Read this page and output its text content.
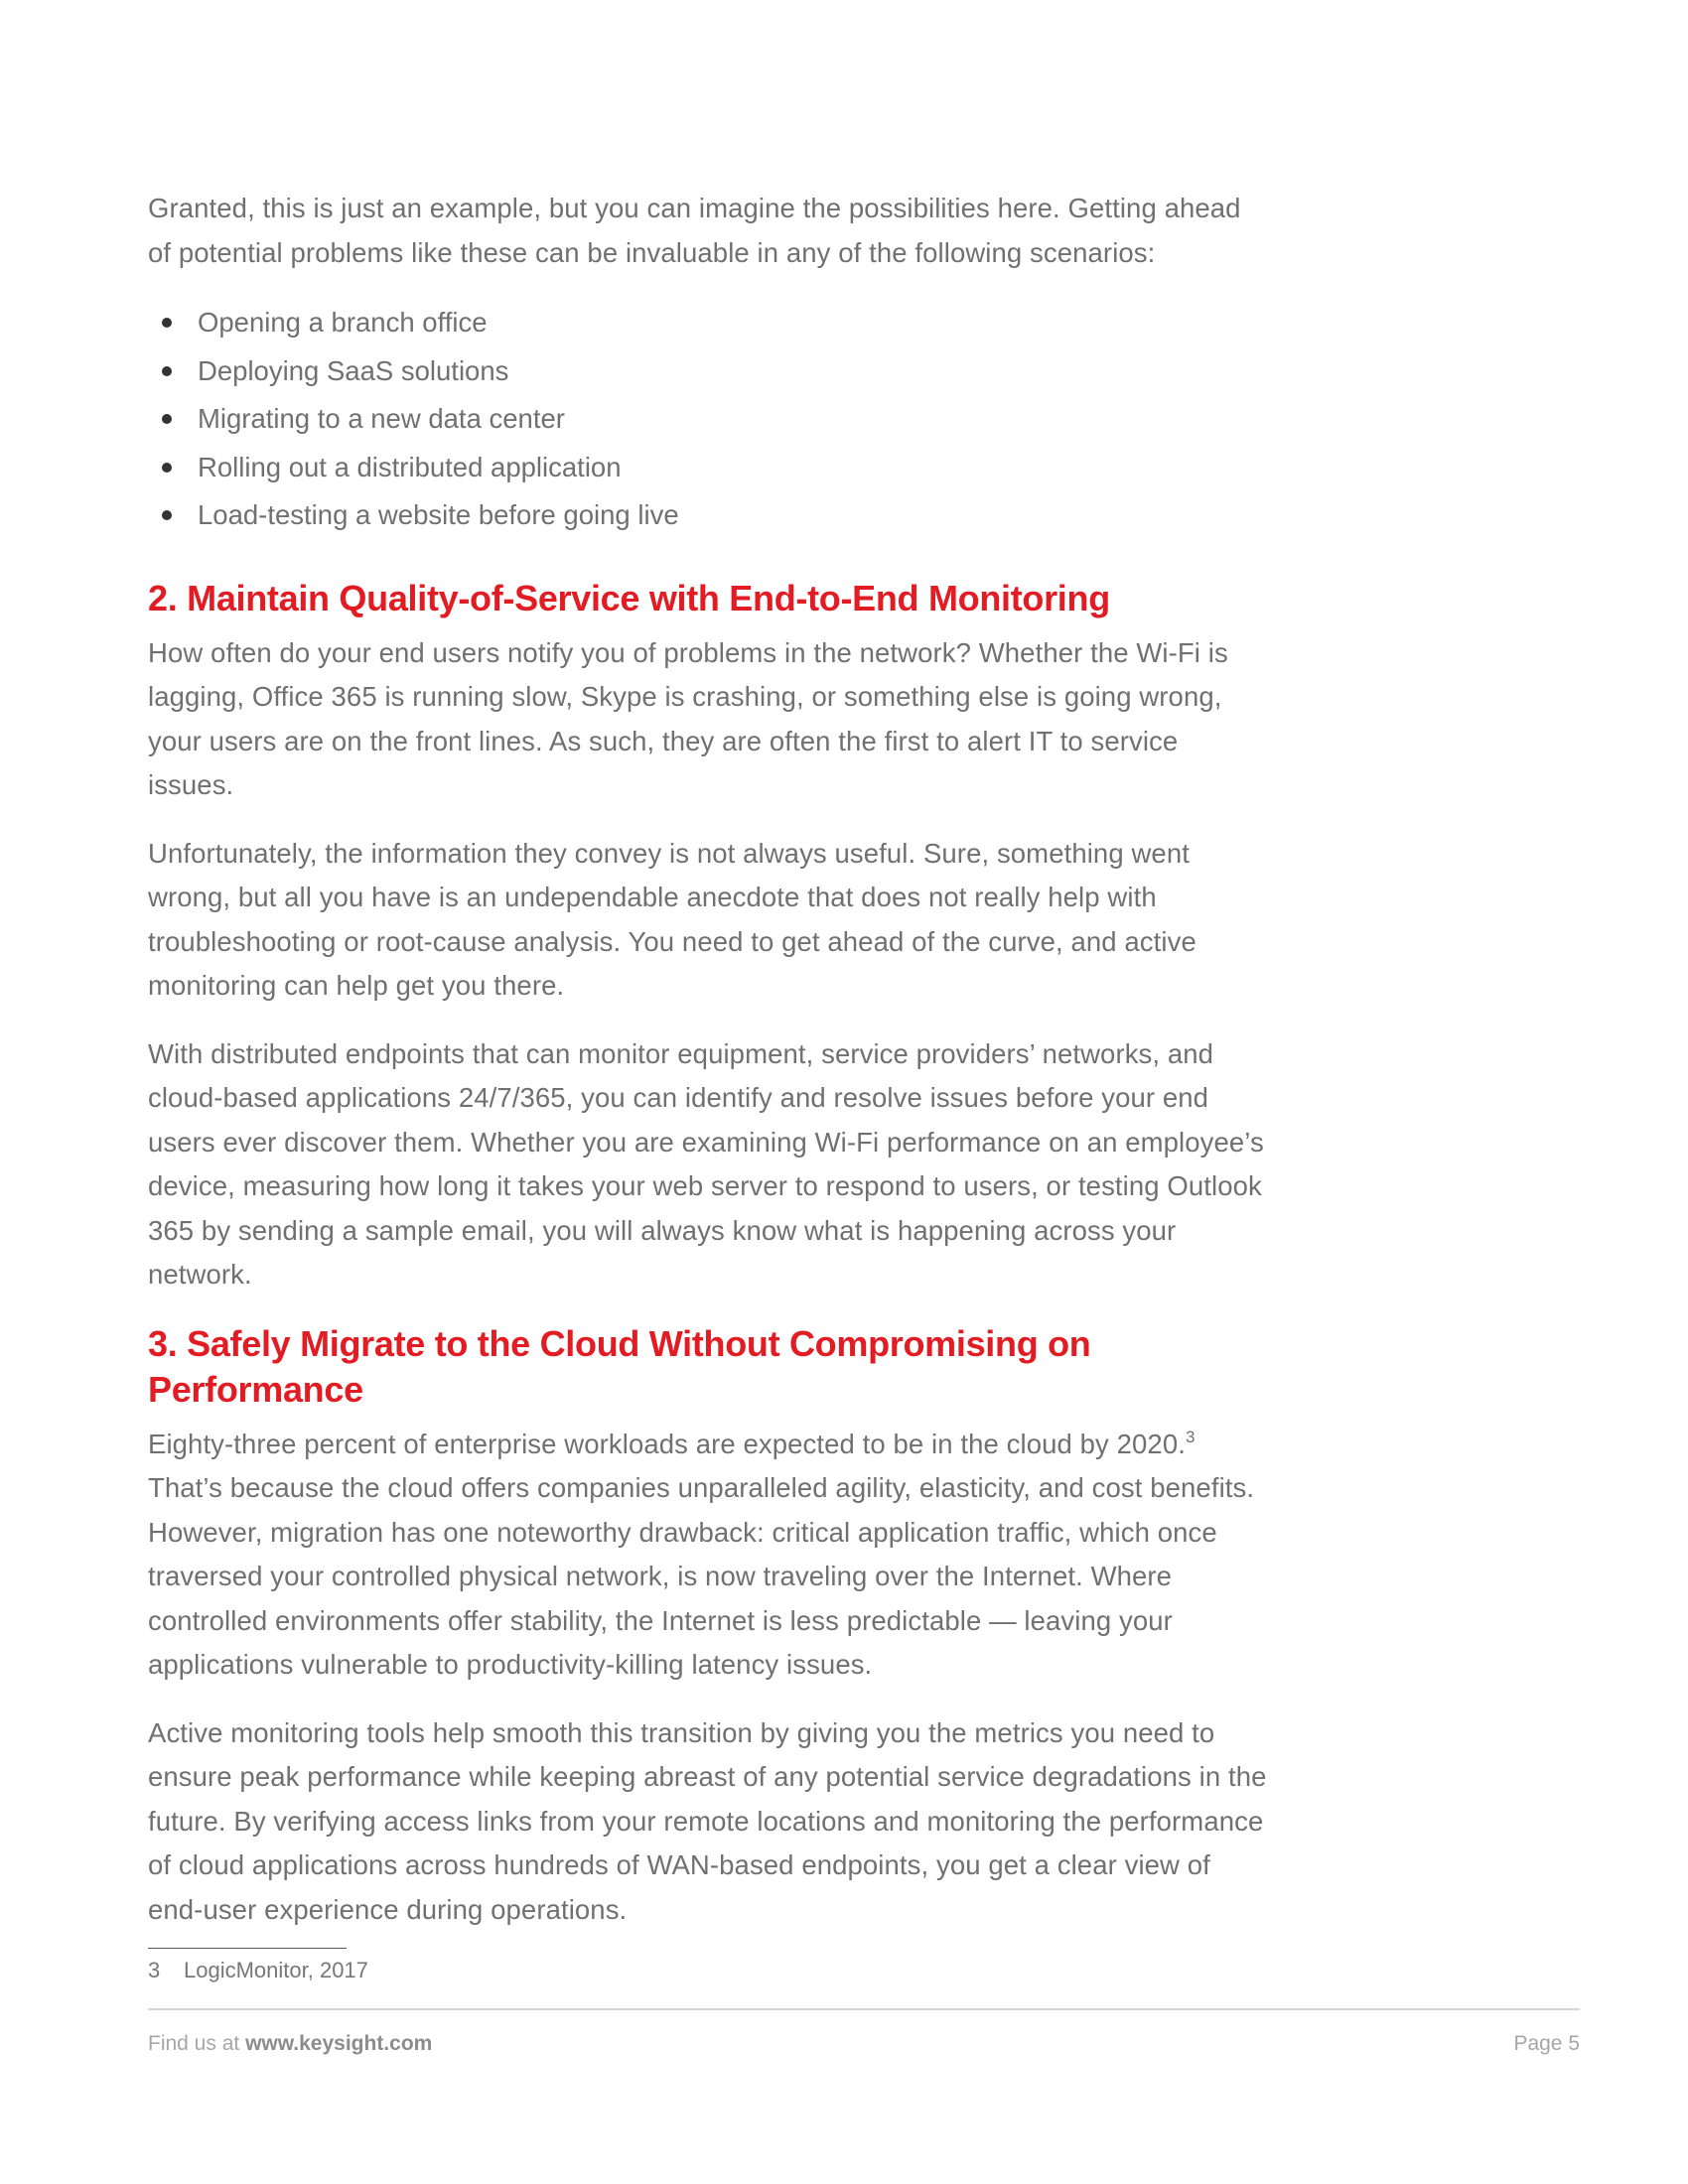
Granted, this is just an example, but you can imagine the possibilities here. Getting ahead of potential problems like these can be invaluable in any of the following scenarios:

Opening a branch office
Deploying SaaS solutions
Migrating to a new data center
Rolling out a distributed application
Load-testing a website before going live
2. Maintain Quality-of-Service with End-to-End Monitoring

How often do your end users notify you of problems in the network? Whether the Wi-Fi is lagging, Office 365 is running slow, Skype is crashing, or something else is going wrong, your users are on the front lines. As such, they are often the first to alert IT to service issues.

Unfortunately, the information they convey is not always useful. Sure, something went wrong, but all you have is an undependable anecdote that does not really help with troubleshooting or root-cause analysis. You need to get ahead of the curve, and active monitoring can help get you there.

With distributed endpoints that can monitor equipment, service providers’ networks, and cloud-based applications 24/7/365, you can identify and resolve issues before your end users ever discover them. Whether you are examining Wi-Fi performance on an employee’s device, measuring how long it takes your web server to respond to users, or testing Outlook 365 by sending a sample email, you will always know what is happening across your network.

3. Safely Migrate to the Cloud Without Compromising on Performance

Eighty-three percent of enterprise workloads are expected to be in the cloud by 2020.$^3$ That’s because the cloud offers companies unparalleled agility, elasticity, and cost benefits. However, migration has one noteworthy drawback: critical application traffic, which once traversed your controlled physical network, is now traveling over the Internet. Where controlled environments offer stability, the Internet is less predictable — leaving your applications vulnerable to productivity-killing latency issues.

Active monitoring tools help smooth this transition by giving you the metrics you need to ensure peak performance while keeping abreast of any potential service degradations in the future. By verifying access links from your remote locations and monitoring the performance of cloud applications across hundreds of WAN-based endpoints, you get a clear view of end-user experience during operations.

3 LogicMonitor, 2017
Find us at www.keysight.com	Page 5
